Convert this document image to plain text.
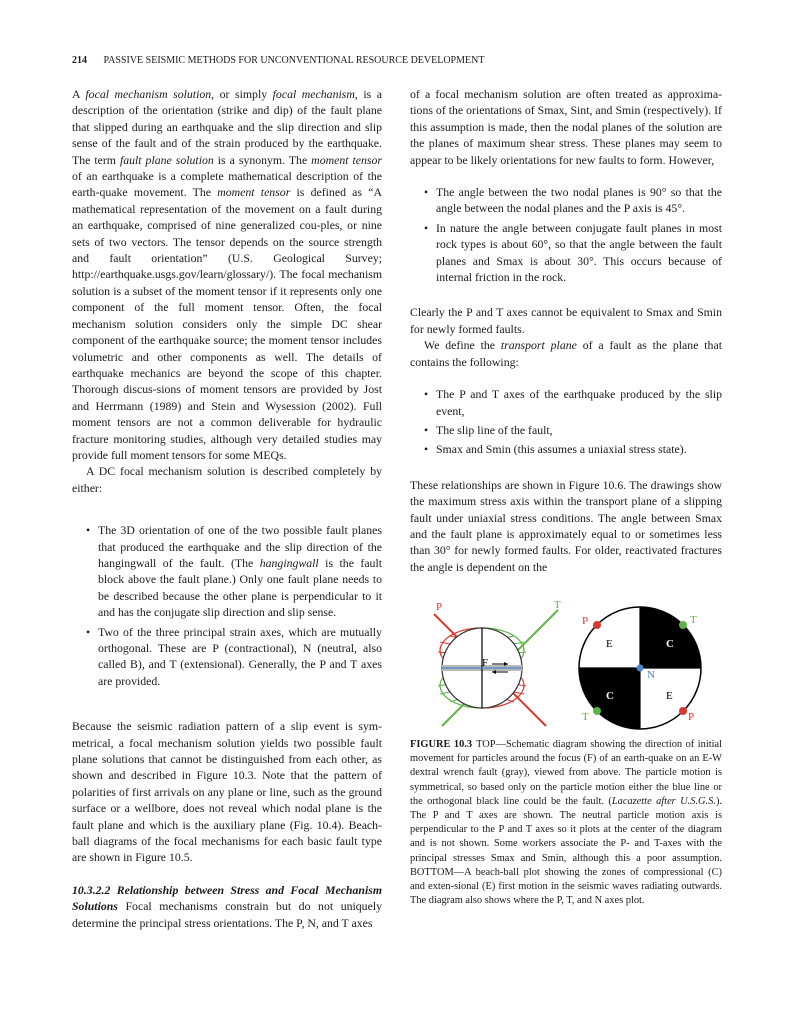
214 PASSIVE SEISMIC METHODS FOR UNCONVENTIONAL RESOURCE DEVELOPMENT

A focal mechanism solution, or simply focal mechanism, is a description of the orientation (strike and dip) of the fault plane that slipped during an earthquake and the slip direction and slip sense of the fault and of the strain produced by the earthquake. The term fault plane solution is a synonym. The moment tensor of an earthquake is a complete mathematical description of the earth-quake movement. The moment tensor is defined as “A mathematical representation of the movement on a fault during an earthquake, comprised of nine generalized cou-ples, or nine sets of two vectors. The tensor depends on the source strength and fault orientation” (U.S. Geological Survey; http://earthquake.usgs.gov/learn/glossary/). The focal mechanism solution is a subset of the moment tensor if it represents only one component of the full moment tensor. Often, the focal mechanism solution considers only the simple DC shear component of the earthquake source; the moment tensor includes volumetric and other components as well. The details of earthquake mechanics are beyond the scope of this chapter. Thorough discus-sions of moment tensors are provided by Jost and Herrmann (1989) and Stein and Wysession (2002). Full moment tensors are not a common deliverable for hydraulic fracture monitoring studies, although very detailed studies may provide full moment tensors for some MEQs.

A DC focal mechanism solution is described completely by either:

• The 3D orientation of one of the two possible fault planes that produced the earthquake and the slip direction of the hangingwall of the fault. (The hangingwall is the fault block above the fault plane.) Only one fault plane needs to be described because the other plane is perpendicular to it and has the conjugate slip direction and slip sense.
• Two of the three principal strain axes, which are mutually orthogonal. These are P (contractional), N (neutral, also called B), and T (extensional). Generally, the P and T axes are provided.

Because the seismic radiation pattern of a slip event is sym-metrical, a focal mechanism solution yields two possible fault plane solutions that cannot be distinguished from each other, as shown and described in Figure 10.3. Note that the pattern of polarities of first arrivals on any plane or line, such as the ground surface or a wellbore, does not reveal which nodal plane is the fault plane and which is the auxiliary plane (Fig. 10.4). Beach-ball diagrams of the focal mechanisms for each basic fault type are shown in Figure 10.5.

10.3.2.2 Relationship between Stress and Focal Mechanism Solutions Focal mechanisms constrain but do not uniquely determine the principal stress orientations. The P, N, and T axes

of a focal mechanism solution are often treated as approxima-tions of the orientations of Smax, Sint, and Smin (respectively). If this assumption is made, then the nodal planes of the solution are the planes of maximum shear stress. These planes may seem to appear to be likely orientations for new faults to form. However,

• The angle between the two nodal planes is 90° so that the angle between the nodal planes and the P axis is 45°.
• In nature the angle between conjugate fault planes in most rock types is about 60°, so that the angle between the fault planes and Smax is about 30°. This occurs because of internal friction in the rock.

Clearly the P and T axes cannot be equivalent to Smax and Smin for newly formed faults.

We define the transport plane of a fault as the plane that contains the following:

• The P and T axes of the earthquake produced by the slip event,
• The slip line of the fault,
• Smax and Smin (this assumes a uniaxial stress state).

These relationships are shown in Figure 10.6. The drawings show the maximum stress axis within the transport plane of a slipping fault under uniaxial stress conditions. The angle between Smax and the fault plane is approximately equal to or sometimes less than 30° for newly formed faults. For older, reactivated fractures the angle is dependent on the

F
P	T
P	T
P
T
N
E
E
C
C
FIGURE 10.3 TOP—Schematic diagram showing the direction of initial movement for particles around the focus (F) of an earth-quake on an E-W dextral wrench fault (gray), viewed from above. The particle motion is symmetrical, so based only on the particle motion either the blue line or the orthogonal black line could be the fault. (Lacazette after U.S.G.S.). The P and T axes are shown. The neutral particle motion axis is perpendicular to the P and T axes so it plots at the center of the diagram and is not shown. Some workers associate the P- and T-axes with the principal stresses Smax and Smin, although this a poor assumption. BOTTOM—A beach-ball plot showing the zones of compressional (C) and exten-sional (E) first motion in the seismic waves radiating outwards. The diagram also shows where the P, T, and N axes plot.
